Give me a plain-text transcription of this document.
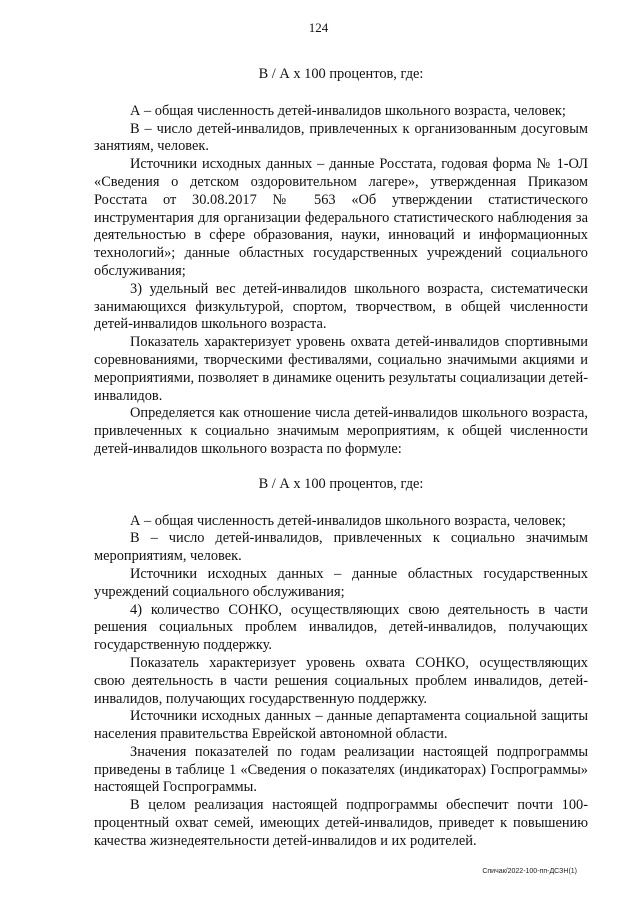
124
В / А х 100 процентов, где:

А – общая численность детей-инвалидов школьного возраста, человек;

В – число детей-инвалидов, привлеченных к организованным досуговым занятиям, человек.

Источники исходных данных – данные Росстата, годовая форма № 1-ОЛ «Сведения о детском оздоровительном лагере», утвержденная Приказом Росстата от 30.08.2017 № 563 «Об утверждении статистического инструментария для организации федерального статистического наблюдения за деятельностью в сфере образования, науки, инноваций и информационных технологий»; данные областных государственных учреждений социального обслуживания;

3) удельный вес детей-инвалидов школьного возраста, систематически занимающихся физкультурой, спортом, творчеством, в общей численности детей-инвалидов школьного возраста.

Показатель характеризует уровень охвата детей-инвалидов спортивными соревнованиями, творческими фестивалями, социально значимыми акциями и мероприятиями, позволяет в динамике оценить результаты социализации детей-инвалидов.

Определяется как отношение числа детей-инвалидов школьного возраста, привлеченных к социально значимым мероприятиям, к общей численности детей-инвалидов школьного возраста по формуле:

В / А х 100 процентов, где:

А – общая численность детей-инвалидов школьного возраста, человек;

В – число детей-инвалидов, привлеченных к социально значимым мероприятиям, человек.

Источники исходных данных – данные областных государственных учреждений социального обслуживания;

4) количество СОНКО, осуществляющих свою деятельность в части решения социальных проблем инвалидов, детей-инвалидов, получающих государственную поддержку.

Показатель характеризует уровень охвата СОНКО, осуществляющих свою деятельность в части решения социальных проблем инвалидов, детей-инвалидов, получающих государственную поддержку.

Источники исходных данных – данные департамента социальной защиты населения правительства Еврейской автономной области.

Значения показателей по годам реализации настоящей подпрограммы приведены в таблице 1 «Сведения о показателях (индикаторах) Госпрограммы» настоящей Госпрограммы.

В целом реализация настоящей подпрограммы обеспечит почти 100-процентный охват семей, имеющих детей-инвалидов, приведет к повышению качества жизнедеятельности детей-инвалидов и их родителей.

Спичак/2022-100-пп-ДСЗН(1)
